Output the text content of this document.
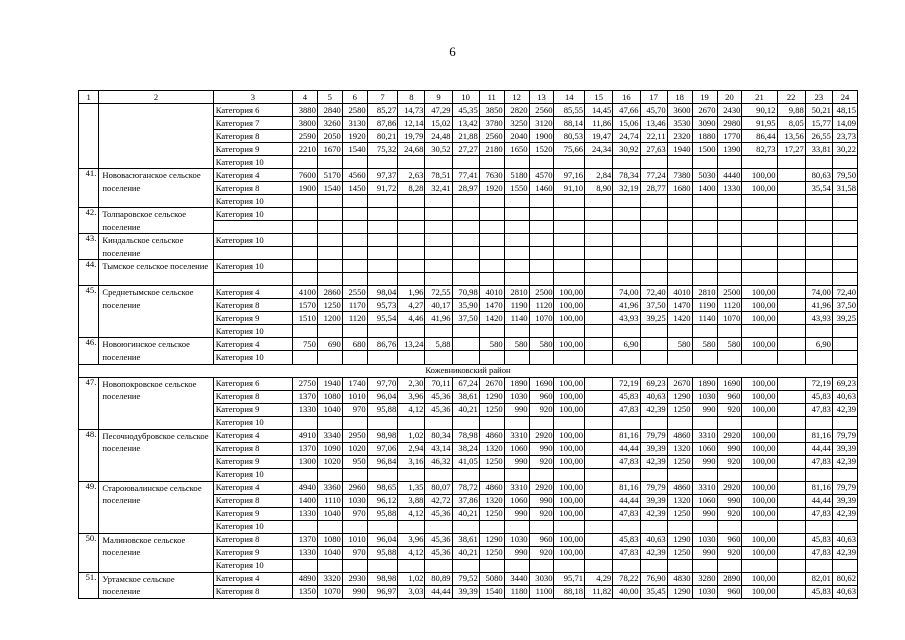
6
1	2	3	4	5	6	7	8	9	10	11	12	13	14	15	16	17	18	19	20	21	22	23	24
		Категория 6	3880	2840	2580	85,27	14,73	47,29	45,35	3850	2820	2560	85,55	14,45	47,66	45,70	3600	2670	2430	90,12	9,88	50,21	48,15
		Категория 7	3800	3260	3130	87,86	12,14	15,02	13,42	3780	3250	3120	88,14	11,86	15,06	13,46	3530	3090	2980	91,95	8,05	15,77	14,09
		Категория 8	2590	2050	1920	80,21	19,79	24,48	21,88	2560	2040	1900	80,53	19,47	24,74	22,11	2320	1880	1770	86,44	13,56	26,55	23,73
		Категория 9	2210	1670	1540	75,32	24,68	30,52	27,27	2180	1650	1520	75,66	24,34	30,92	27,63	1940	1500	1390	82,73	17,27	33,81	30,22
		Категория 10																					
41.	Нововасюганское сельское поселение	Категория 4	7600	5170	4560	97,37	2,63	78,51	77,41	7630	5180	4570	97,16	2,84	78,34	77,24	7380	5030	4440	100,00		80,63	79,50
		Категория 8	1900	1540	1450	91,72	8,28	32,41	28,97	1920	1550	1460	91,10	8,90	32,19	28,77	1680	1400	1330	100,00		35,54	31,58
		Категория 10																					
42.	Толпаровское сельское поселение	Категория 10																					

43.	Киндальское сельское поселение	Категория 10																					

44.	Тымское сельское поселение	Категория 10																					

45.	Среднетымское сельское поселение	Категория 4	4100	2860	2550	98,04	1,96	72,55	70,98	4010	2810	2500	100,00		74,00	72,40	4010	2810	2500	100,00		74,00	72,40
		Категория 8	1570	1250	1170	95,73	4,27	40,17	35,90	1470	1190	1120	100,00		41,96	37,50	1470	1190	1120	100,00		41,96	37,50
		Категория 9	1510	1200	1120	95,54	4,46	41,96	37,50	1420	1140	1070	100,00		43,93	39,25	1420	1140	1070	100,00		43,93	39,25
		Категория 10																					
46.	Новоюгинское сельское поселение	Категория 4	750	690	680	86,76	13,24	5,88		580	580	580	100,00		6,90		580	580	580	100,00		6,90	
		Категория 10																					
Кожевниковский район																							
47.	Новопокровское сельское поселение	Категория 6	2750	1940	1740	97,70	2,30	70,11	67,24	2670	1890	1690	100,00		72,19	69,23	2670	1890	1690	100,00		72,19	69,23
		Категория 8	1370	1080	1010	96,04	3,96	45,36	38,61	1290	1030	960	100,00		45,83	40,63	1290	1030	960	100,00		45,83	40,63
		Категория 9	1330	1040	970	95,88	4,12	45,36	40,21	1250	990	920	100,00		47,83	42,39	1250	990	920	100,00		47,83	42,39
		Категория 10																					
48.	Песочнодубровское сельское поселение	Категория 4	4910	3340	2950	98,98	1,02	80,34	78,98	4860	3310	2920	100,00		81,16	79,79	4860	3310	2920	100,00		81,16	79,79
		Категория 8	1370	1090	1020	97,06	2,94	43,14	38,24	1320	1060	990	100,00		44,44	39,39	1320	1060	990	100,00		44,44	39,39
		Категория 9	1300	1020	950	96,84	3,16	46,32	41,05	1250	990	920	100,00		47,83	42,39	1250	990	920	100,00		47,83	42,39
		Категория 10																					
49.	Староювалинское сельское поселение	Категория 4	4940	3360	2960	98,65	1,35	80,07	78,72	4860	3310	2920	100,00		81,16	79,79	4860	3310	2920	100,00		81,16	79,79
		Категория 8	1400	1110	1030	96,12	3,88	42,72	37,86	1320	1060	990	100,00		44,44	39,39	1320	1060	990	100,00		44,44	39,39
		Категория 9	1330	1040	970	95,88	4,12	45,36	40,21	1250	990	920	100,00		47,83	42,39	1250	990	920	100,00		47,83	42,39
		Категория 10																					
50.	Малиновское сельское поселение	Категория 8	1370	1080	1010	96,04	3,96	45,36	38,61	1290	1030	960	100,00		45,83	40,63	1290	1030	960	100,00		45,83	40,63
		Категория 9	1330	1040	970	95,88	4,12	45,36	40,21	1250	990	920	100,00		47,83	42,39	1250	990	920	100,00		47,83	42,39
		Категория 10																					
51.	Уртамское сельское поселение	Категория 4	4890	3320	2930	98,98	1,02	80,89	79,52	5080	3440	3030	95,71	4,29	78,22	76,90	4830	3280	2890	100,00		82,01	80,62
		Категория 8	1350	1070	990	96,97	3,03	44,44	39,39	1540	1180	1100	88,18	11,82	40,00	35,45	1290	1030	960	100,00		45,83	40,63
